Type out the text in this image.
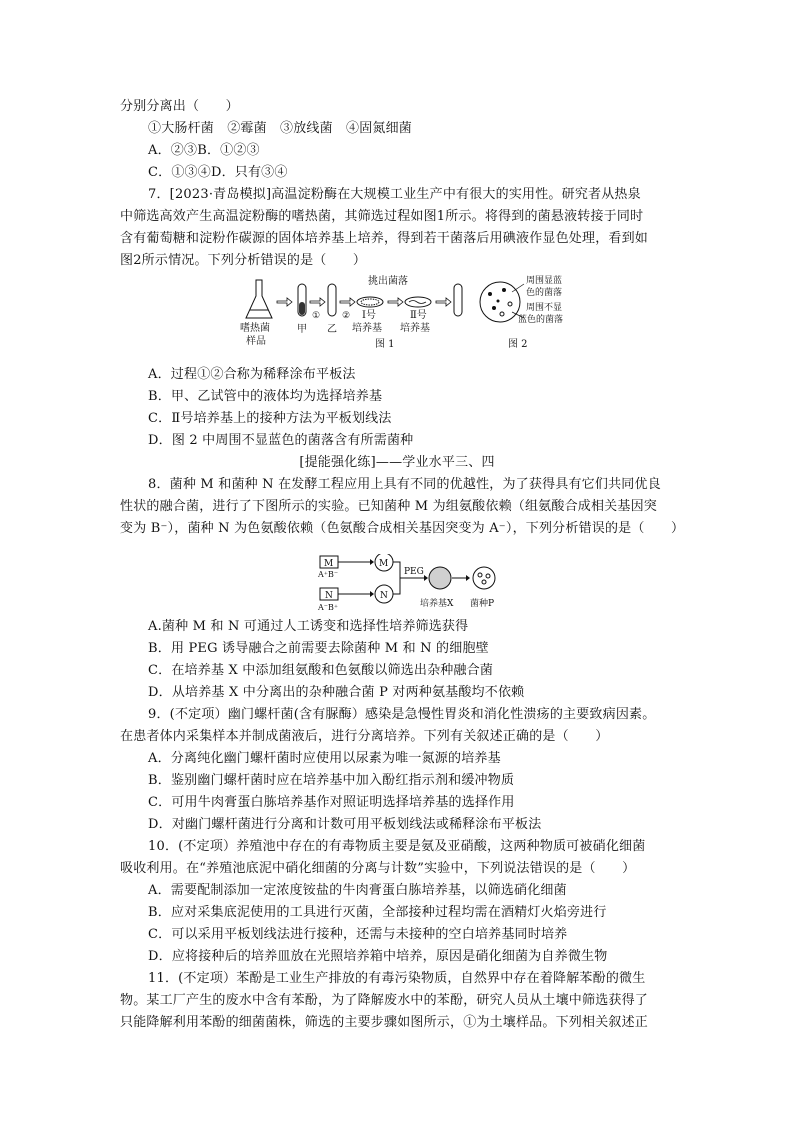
分别分离出（　　）
①大肠杆菌　②霉菌　③放线菌　④固氮细菌
A．②③B．①②③
C．①③④D．只有③④
7．[2023·青岛模拟]高温淀粉酶在大规模工业生产中有很大的实用性。研究者从热泉
中筛选高效产生高温淀粉酶的嗜热菌，其筛选过程如图1所示。将得到的菌悬液转接于同时
含有葡萄糖和淀粉作碳源的固体培养基上培养，得到若干菌落后用碘液作显色处理，看到如
图2所示情况。下列分析错误的是（　　）
嗜热菌
样品
甲
①
乙
② Ⅰ号
培养基
挑出菌落
Ⅱ号
培养基
图 1
周围显蓝
色的菌落
周围不显
蓝色的菌落
图 2
A．过程①②合称为稀释涂布平板法
B．甲、乙试管中的液体均为选择培养基
C．Ⅱ号培养基上的接种方法为平板划线法
D．图 2 中周围不显蓝色的菌落含有所需菌种
[提能强化练]——学业水平三、四
8．菌种 M 和菌种 N 在发酵工程应用上具有不同的优越性，为了获得具有它们共同优良
性状的融合菌，进行了下图所示的实验。已知菌种 M 为组氨酸依赖（组氨酸合成相关基因突
变为 B⁻），菌种 N 为色氨酸依赖（色氨酸合成相关基因突变为 A⁻），下列分析错误的是（　　）
M
A⁺B⁻
M
N
A⁻B⁺
N
PEG
培养基X 菌种P
A.菌种 M 和 N 可通过人工诱变和选择性培养筛选获得
B．用 PEG 诱导融合之前需要去除菌种 M 和 N 的细胞壁
C．在培养基 X 中添加组氨酸和色氨酸以筛选出杂种融合菌
D．从培养基 X 中分离出的杂种融合菌 P 对两种氨基酸均不依赖
9．(不定项）幽门螺杆菌(含有脲酶）感染是急慢性胃炎和消化性溃疡的主要致病因素。
在患者体内采集样本并制成菌液后，进行分离培养。下列有关叙述正确的是（　　）
A．分离纯化幽门螺杆菌时应使用以尿素为唯一氮源的培养基
B．鉴别幽门螺杆菌时应在培养基中加入酚红指示剂和缓冲物质
C．可用牛肉膏蛋白胨培养基作对照证明选择培养基的选择作用
D．对幽门螺杆菌进行分离和计数可用平板划线法或稀释涂布平板法
10．(不定项）养殖池中存在的有毒物质主要是氨及亚硝酸，这两种物质可被硝化细菌
吸收利用。在“养殖池底泥中硝化细菌的分离与计数”实验中，下列说法错误的是（　　）
A．需要配制添加一定浓度铵盐的牛肉膏蛋白胨培养基，以筛选硝化细菌
B．应对采集底泥使用的工具进行灭菌，全部接种过程均需在酒精灯火焰旁进行
C．可以采用平板划线法进行接种，还需与未接种的空白培养基同时培养
D．应将接种后的培养皿放在光照培养箱中培养，原因是硝化细菌为自养微生物
11．(不定项）苯酚是工业生产排放的有毒污染物质，自然界中存在着降解苯酚的微生
物。某工厂产生的废水中含有苯酚，为了降解废水中的苯酚，研究人员从土壤中筛选获得了
只能降解利用苯酚的细菌菌株，筛选的主要步骤如图所示，①为土壤样品。下列相关叙述正
